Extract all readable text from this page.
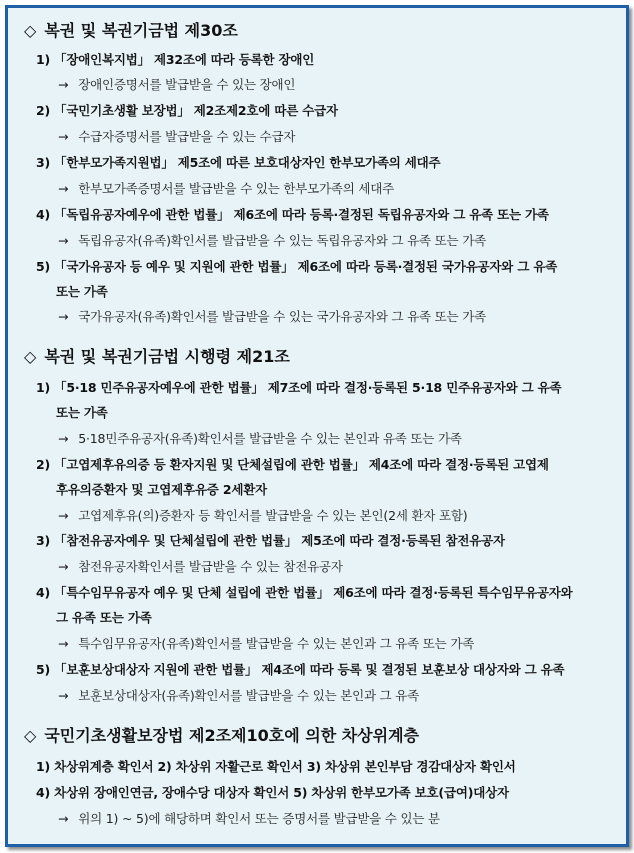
◇ 복권 및 복권기금법 제30조
1) 「장애인복지법」 제32조에 따라 등록한 장애인
→ 장애인증명서를 발급받을 수 있는 장애인
2) 「국민기초생활 보장법」 제2조제2호에 따른 수급자
→ 수급자증명서를 발급받을 수 있는 수급자
3) 「한부모가족지원법」 제5조에 따른 보호대상자인 한부모가족의 세대주
→ 한부모가족증명서를 발급받을 수 있는 한부모가족의 세대주
4) 「독립유공자예우에 관한 법률」 제6조에 따라 등록·결정된 독립유공자와 그 유족 또는 가족
→ 독립유공자(유족)확인서를 발급받을 수 있는 독립유공자와 그 유족 또는 가족
5) 「국가유공자 등 예우 및 지원에 관한 법률」 제6조에 따라 등록·결정된 국가유공자와 그 유족
또는 가족
→ 국가유공자(유족)확인서를 발급받을 수 있는 국가유공자와 그 유족 또는 가족
◇ 복권 및 복권기금법 시행령 제21조
1) 「5·18 민주유공자예우에 관한 법률」 제7조에 따라 결정·등록된 5·18 민주유공자와 그 유족
또는 가족
→ 5·18민주유공자(유족)확인서를 발급받을 수 있는 본인과 유족 또는 가족
2) 「고엽제후유의증 등 환자지원 및 단체설립에 관한 법률」 제4조에 따라 결정·등록된 고엽제
후유의증환자 및 고엽제후유증 2세환자
→ 고엽제후유(의)증환자 등 확인서를 발급받을 수 있는 본인(2세 환자 포함)
3) 「참전유공자예우 및 단체설립에 관한 법률」 제5조에 따라 결정·등록된 참전유공자
→ 참전유공자확인서를 발급받을 수 있는 참전유공자
4) 「특수임무유공자 예우 및 단체 설립에 관한 법률」 제6조에 따라 결정·등록된 특수임무유공자와
그 유족 또는 가족
→ 특수임무유공자(유족)확인서를 발급받을 수 있는 본인과 그 유족 또는 가족
5) 「보훈보상대상자 지원에 관한 법률」 제4조에 따라 등록 및 결정된 보훈보상 대상자와 그 유족
→ 보훈보상대상자(유족)확인서를 발급받을 수 있는 본인과 그 유족
◇ 국민기초생활보장법 제2조제10호에 의한 차상위계층
1) 차상위계층 확인서 2) 차상위 자활근로 확인서 3) 차상위 본인부담 경감대상자 확인서
4) 차상위 장애인연금, 장애수당 대상자 확인서 5) 차상위 한부모가족 보호(급여)대상자
→ 위의 1) ~ 5)에 해당하며 확인서 또는 증명서를 발급받을 수 있는 분
